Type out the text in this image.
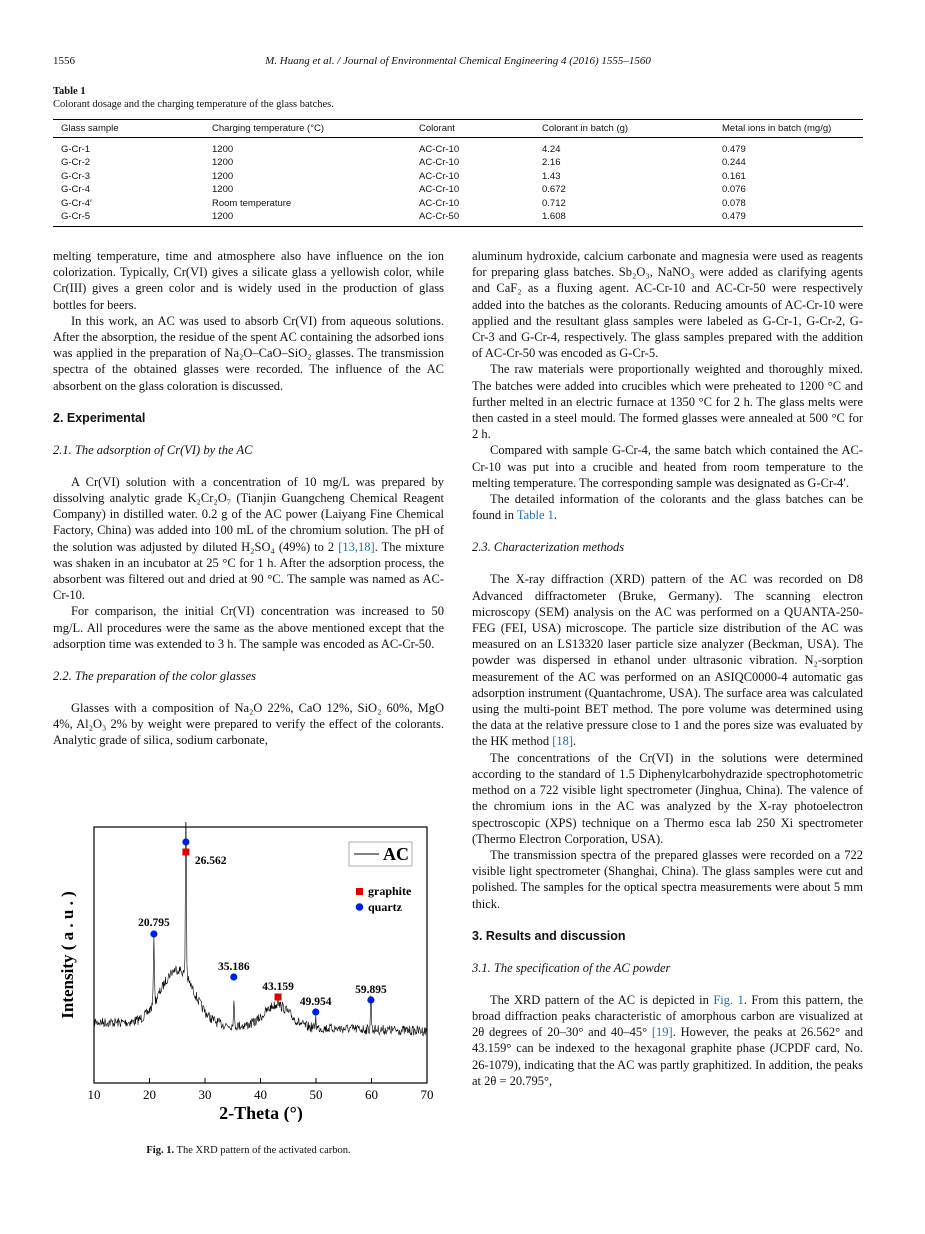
1556	M. Huang et al. / Journal of Environmental Chemical Engineering 4 (2016) 1555–1560
Table 1
Colorant dosage and the charging temperature of the glass batches.
Glass sample	Charging temperature (°C)	Colorant	Colorant in batch (g)	Metal ions in batch (mg/g)
G-Cr-1	1200	AC-Cr-10	4.24	0.479
G-Cr-2	1200	AC-Cr-10	2.16	0.244
G-Cr-3	1200	AC-Cr-10	1.43	0.161
G-Cr-4	1200	AC-Cr-10	0.672	0.076
G-Cr-4′	Room temperature	AC-Cr-10	0.712	0.078
G-Cr-5	1200	AC-Cr-50	1.608	0.479

melting temperature, time and atmosphere also have influence on the ion colorization. Typically, Cr(VI) gives a silicate glass a yellowish color, while Cr(III) gives a green color and is widely used in the production of glass bottles for beers.

In this work, an AC was used to absorb Cr(VI) from aqueous solutions. After the absorption, the residue of the spent AC containing the adsorbed ions was applied in the preparation of Na₂O–CaO–SiO₂ glasses. The transmission spectra of the obtained glasses were recorded. The influence of the AC absorbent on the glass coloration is discussed.

2. Experimental
2.1. The adsorption of Cr(VI) by the AC

A Cr(VI) solution with a concentration of 10 mg/L was prepared by dissolving analytic grade K₂Cr₂O₇ (Tianjin Guangcheng Chemical Reagent Company) in distilled water. 0.2 g of the AC power (Laiyang Fine Chemical Factory, China) was added into 100 mL of the chromium solution. The pH of the solution was adjusted by diluted H₂SO₄ (49%) to 2 [13,18]. The mixture was shaken in an incubator at 25 °C for 1 h. After the adsorption process, the absorbent was filtered out and dried at 90 °C. The sample was named as AC-Cr-10.

For comparison, the initial Cr(VI) concentration was increased to 50 mg/L. All procedures were the same as the above mentioned except that the adsorption time was extended to 3 h. The sample was encoded as AC-Cr-50.

2.2. The preparation of the color glasses

Glasses with a composition of Na₂O 22%, CaO 12%, SiO₂ 60%, MgO 4%, Al₂O₃ 2% by weight were prepared to verify the effect of the colorants. Analytic grade of silica, sodium carbonate,

aluminum hydroxide, calcium carbonate and magnesia were used as reagents for preparing glass batches. Sb₂O₃, NaNO₃ were added as clarifying agents and CaF₂ as a fluxing agent. AC-Cr-10 and AC-Cr-50 were respectively added into the batches as the colorants. Reducing amounts of AC-Cr-10 were applied and the resultant glass samples were labeled as G-Cr-1, G-Cr-2, G-Cr-3 and G-Cr-4, respectively. The glass samples prepared with the addition of AC-Cr-50 was encoded as G-Cr-5.

The raw materials were proportionally weighted and thoroughly mixed. The batches were added into crucibles which were preheated to 1200 °C and further melted in an electric furnace at 1350 °C for 2 h. The glass melts were then casted in a steel mould. The formed glasses were annealed at 500 °C for 2 h.

Compared with sample G-Cr-4, the same batch which contained the AC-Cr-10 was put into a crucible and heated from room temperature to the melting temperature. The corresponding sample was designated as G-Cr-4′.

The detailed information of the colorants and the glass batches can be found in Table 1.

2.3. Characterization methods

The X-ray diffraction (XRD) pattern of the AC was recorded on D8 Advanced diffractometer (Bruke, Germany). The scanning electron microscopy (SEM) analysis on the AC was performed on a QUANTA-250-FEG (FEI, USA) microscope. The particle size distribution of the AC was measured on an LS13320 laser particle size analyzer (Beckman, USA). The powder was dispersed in ethanol under ultrasonic vibration. N₂-sorption measurement of the AC was performed on an ASIQC0000-4 automatic gas adsorption instrument (Quantachrome, USA). The surface area was calculated using the multi-point BET method. The pore volume was determined using the data at the relative pressure close to 1 and the pores size was evaluated by the HK method [18].

The concentrations of the Cr(VI) in the solutions were determined according to the standard of 1.5 Diphenylcarbohydrazide spectrophotometric method on a 722 visible light spectrometer (Jinghua, China). The valence of the chromium ions in the AC was analyzed by the X-ray photoelectron spectroscopic (XPS) technique on a Thermo esca lab 250 Xi spectrometer (Thermo Electron Corporation, USA).

The transmission spectra of the prepared glasses were recorded on a 722 visible light spectrometer (Shanghai, China). The glass samples were cut and polished. The samples for the optical spectra measurements were about 5 mm thick.

3. Results and discussion
3.1. The specification of the AC powder

The XRD pattern of the AC is depicted in Fig. 1. From this pattern, the broad diffraction peaks characteristic of amorphous carbon are visualized at 2θ degrees of 20–30° and 40–45° [19]. However, the peaks at 26.562° and 43.159° can be indexed to the hexagonal graphite phase (JCPDF card, No. 26-1079), indicating that the AC was partly graphitized. In addition, the peaks at 2θ = 20.795°,

10	20	30	40	50	60	70
20.795
26.562
35.186
43.159
49.954
59.895
AC
graphite
quartz
Intensity ( a . u . )
2-Theta (°)
Fig. 1. The XRD pattern of the activated carbon.
